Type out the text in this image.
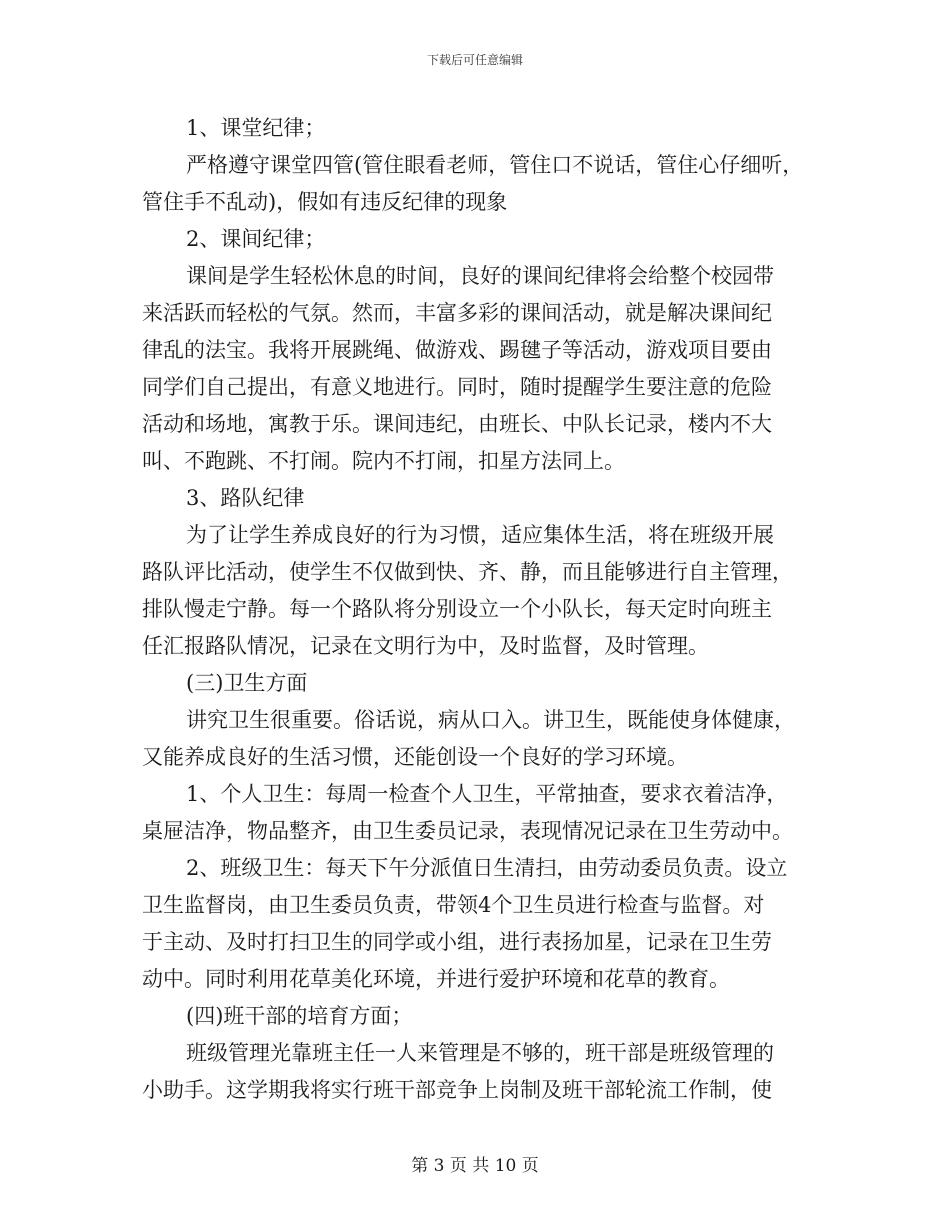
下载后可任意编辑
1、课堂纪律；
严格遵守课堂四管(管住眼看老师，管住口不说话，管住心仔细听，
管住手不乱动)，假如有违反纪律的现象
2、课间纪律；
课间是学生轻松休息的时间，良好的课间纪律将会给整个校园带
来活跃而轻松的气氛。然而，丰富多彩的课间活动，就是解决课间纪
律乱的法宝。我将开展跳绳、做游戏、踢毽子等活动，游戏项目要由
同学们自己提出，有意义地进行。同时，随时提醒学生要注意的危险
活动和场地，寓教于乐。课间违纪，由班长、中队长记录，楼内不大
叫、不跑跳、不打闹。院内不打闹，扣星方法同上。
3、路队纪律
为了让学生养成良好的行为习惯，适应集体生活，将在班级开展
路队评比活动，使学生不仅做到快、齐、静，而且能够进行自主管理，
排队慢走宁静。每一个路队将分别设立一个小队长，每天定时向班主
任汇报路队情况，记录在文明行为中，及时监督，及时管理。
(三)卫生方面
讲究卫生很重要。俗话说，病从口入。讲卫生，既能使身体健康，
又能养成良好的生活习惯，还能创设一个良好的学习环境。
1、个人卫生：每周一检查个人卫生，平常抽查，要求衣着洁净，
桌屉洁净，物品整齐，由卫生委员记录，表现情况记录在卫生劳动中。
2、班级卫生：每天下午分派值日生清扫，由劳动委员负责。设立
卫生监督岗，由卫生委员负责，带领4个卫生员进行检查与监督。对
于主动、及时打扫卫生的同学或小组，进行表扬加星，记录在卫生劳
动中。同时利用花草美化环境，并进行爱护环境和花草的教育。
(四)班干部的培育方面；
班级管理光靠班主任一人来管理是不够的，班干部是班级管理的
小助手。这学期我将实行班干部竞争上岗制及班干部轮流工作制，使
第 3 页 共 10 页
